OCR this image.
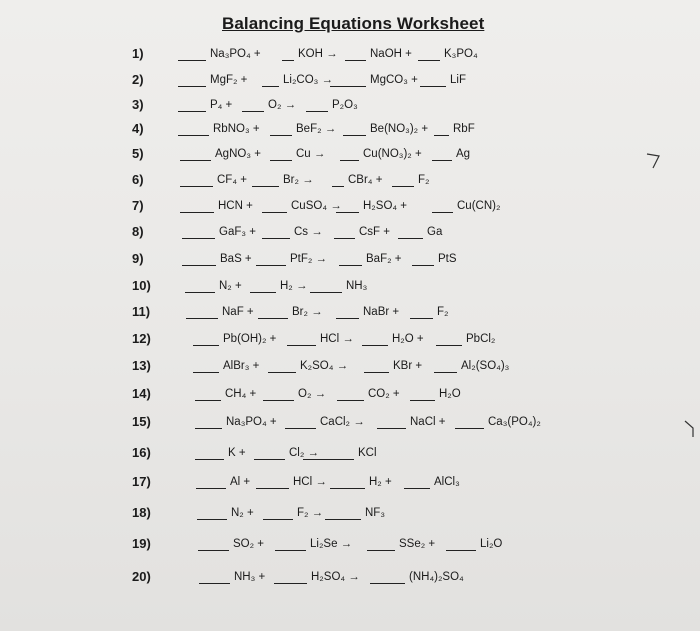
Balancing Equations Worksheet
1)	Na₃PO₄ +	KOH →	NaOH +	K₃PO₄
2)	MgF₂ +	Li₂CO₃ →	MgCO₃ +	LiF
3)	P₄ +	O₂ →	P₂O₃
4)	RbNO₃ +	BeF₂ →	Be(NO₃)₂ + RbF
5)	AgNO₃ +	Cu →	Cu(NO₃)₂ +	Ag
6)	CF₄ +	Br₂ →	CBr₄ +	F₂
7)	HCN +	CuSO₄ → H₂SO₄ +	Cu(CN)₂
8)	GaF₃ +	Cs →	CsF +	Ga
9)	BaS +	PtF₂ →	BaF₂ +	PtS
10)	N₂ +	H₂ →	NH₃
11)	NaF +	Br₂ →	NaBr +	F₂
12)	Pb(OH)₂ +	HCl →	H₂O +	PbCl₂
13)	AlBr₃ +	K₂SO₄ →	KBr +	Al₂(SO₄)₃
14)	CH₄ +	O₂ →	CO₂ +	H₂O
15)	Na₃PO₄ +	CaCl₂ →	NaCl +	Ca₃(PO₄)₂
16)	K +	Cl₂ →	KCl
17)	Al +	HCl →	H₂ +	AlCl₃
18)	N₂ +	F₂ →	NF₃
19)	SO₂ +	Li₂Se →	SSe₂ +	Li₂O
20)	NH₃ +	H₂SO₄ →	(NH₄)₂SO₄
